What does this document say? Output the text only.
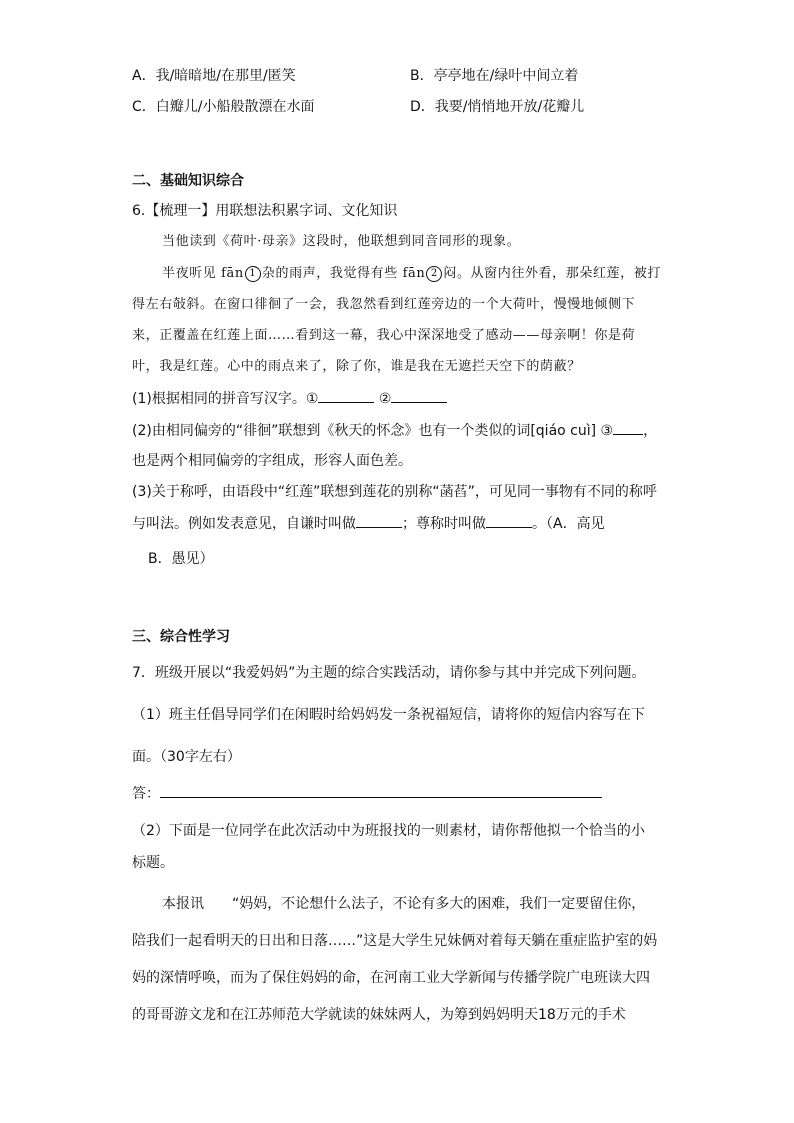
A．我/暗暗地/在那里/匿笑	B．亭亭地在/绿叶中间立着
C．白瓣儿/小船般散漂在水面	D．我要/悄悄地开放/花瓣儿
二、基础知识综合
6.【梳理一】用联想法积累字词、文化知识
当他读到《荷叶·母亲》这段时，他联想到同音同形的现象。
半夜听见 fān 1 杂的雨声，我觉得有些 fān 2 闷。从窗内往外看，那朵红莲，被打
得左右敧斜。在窗口徘徊了一会，我忽然看到红莲旁边的一个大荷叶，慢慢地倾侧下
来，正覆盖在红莲上面……看到这一幕，我心中深深地受了感动——母亲啊！你是荷
叶，我是红莲。心中的雨点来了，除了你，谁是我在无遮拦天空下的荫蔽？
(1)根据相同的拼音写汉字。①	②
(2)由相同偏旁的“徘徊”联想到《秋天的怀念》也有一个类似的词[qiáo cuì] ③ ，
也是两个相同偏旁的字组成，形容人面色差。
(3)关于称呼，由语段中“红莲”联想到莲花的别称“菡萏”，可见同一事物有不同的称呼
与叫法。例如发表意见，自谦时叫做	；尊称时叫做	。（A．高见
B．愚见）
三、综合性学习
7．班级开展以“我爱妈妈”为主题的综合实践活动，请你参与其中并完成下列问题。
（1）班主任倡导同学们在闲暇时给妈妈发一条祝福短信，请将你的短信内容写在下
面。（30字左右）
答：
（2）下面是一位同学在此次活动中为班报找的一则素材，请你帮他拟一个恰当的小
标题。
本报讯　　“妈妈，不论想什么法子，不论有多大的困难，我们一定要留住你，
陪我们一起看明天的日出和日落……”这是大学生兄妹俩对着每天躺在重症监护室的妈
妈的深情呼唤，而为了保住妈妈的命，在河南工业大学新闻与传播学院广电班读大四
的哥哥游文龙和在江苏师范大学就读的妹妹两人，为筹到妈妈明天18万元的手术
